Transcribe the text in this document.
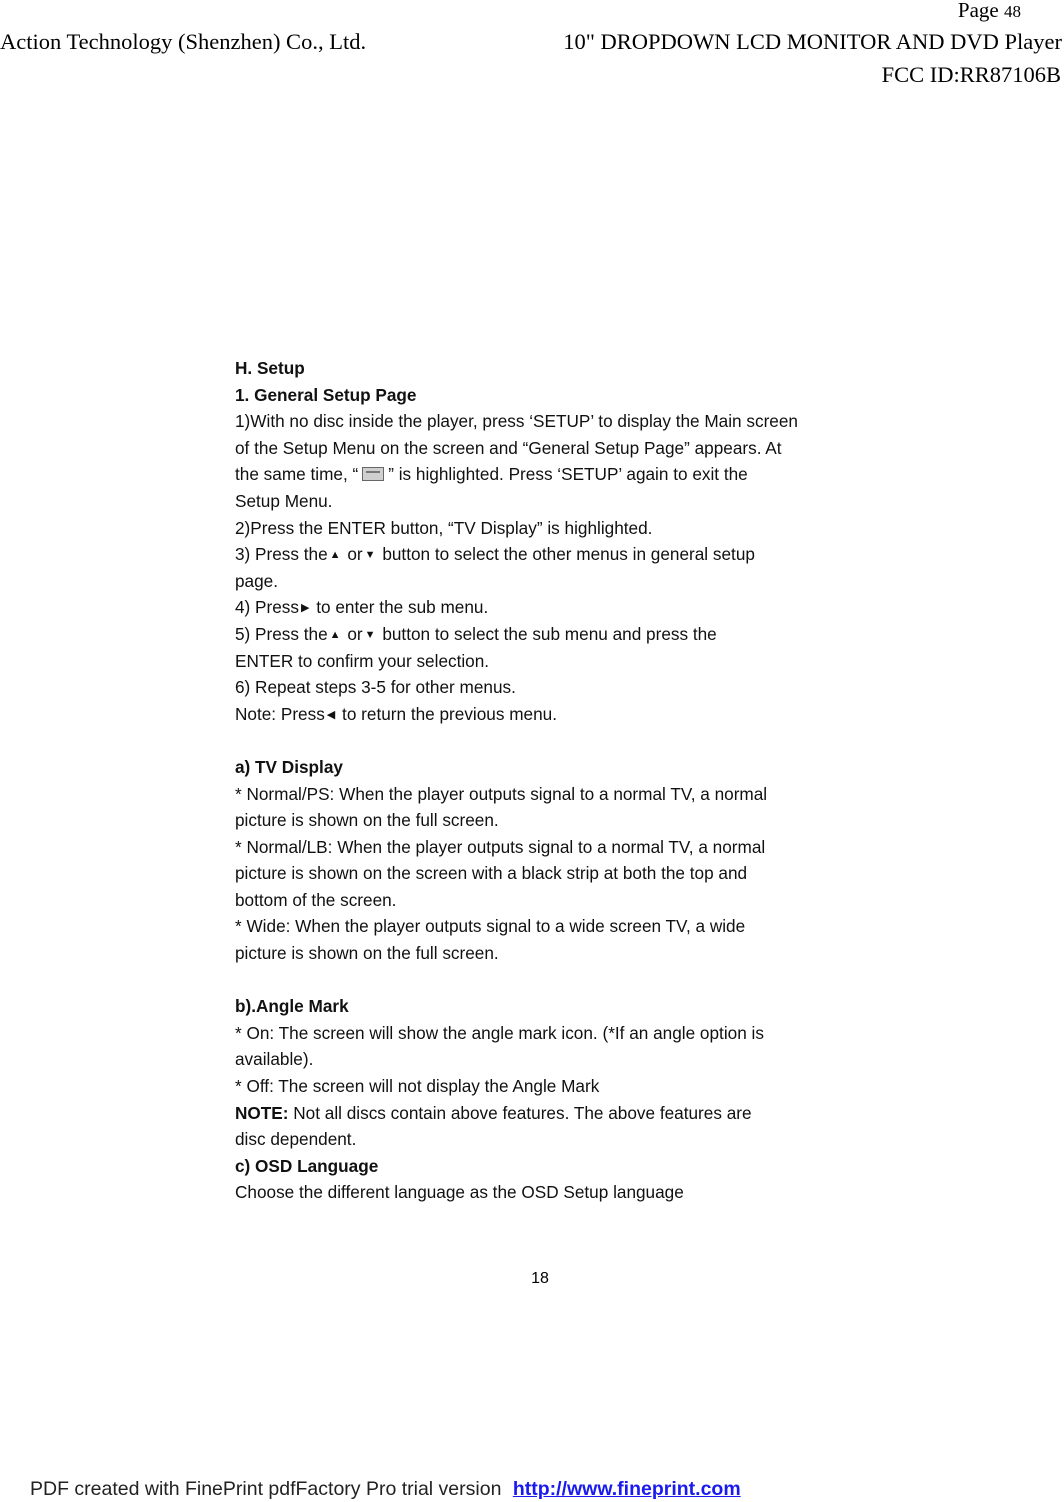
Page 48
Action Technology (Shenzhen) Co., Ltd.	10" DROPDOWN LCD MONITOR AND DVD Player
FCC ID:RR87106B
H. Setup
1. General Setup Page
1)With no disc inside the player, press ‘SETUP’ to display the Main screen
of the Setup Menu on the screen and “General Setup Page” appears. At
the same time, “ ” is highlighted. Press ‘SETUP’ again to exit the
Setup Menu.
2)Press the ENTER button, “TV Display” is highlighted.
3) Press the ▲ or ▼ button to select the other menus in general setup
page.
4) Press ▶ to enter the sub menu.
5) Press the ▲ or ▼ button to select the sub menu and press the
ENTER to confirm your selection.
6) Repeat steps 3-5 for other menus.
Note: Press ◀ to return the previous menu.
a) TV Display
* Normal/PS: When the player outputs signal to a normal TV, a normal
picture is shown on the full screen.
* Normal/LB: When the player outputs signal to a normal TV, a normal
picture is shown on the screen with a black strip at both the top and
bottom of the screen.
* Wide: When the player outputs signal to a wide screen TV, a wide
picture is shown on the full screen.
b).Angle Mark
* On: The screen will show the angle mark icon. (*If an angle option is
available).
* Off: The screen will not display the Angle Mark
NOTE: Not all discs contain above features. The above features are
disc dependent.
c) OSD Language
Choose the different language as the OSD Setup language
18
PDF created with FinePrint pdfFactory Pro trial version http://www.fineprint.com
